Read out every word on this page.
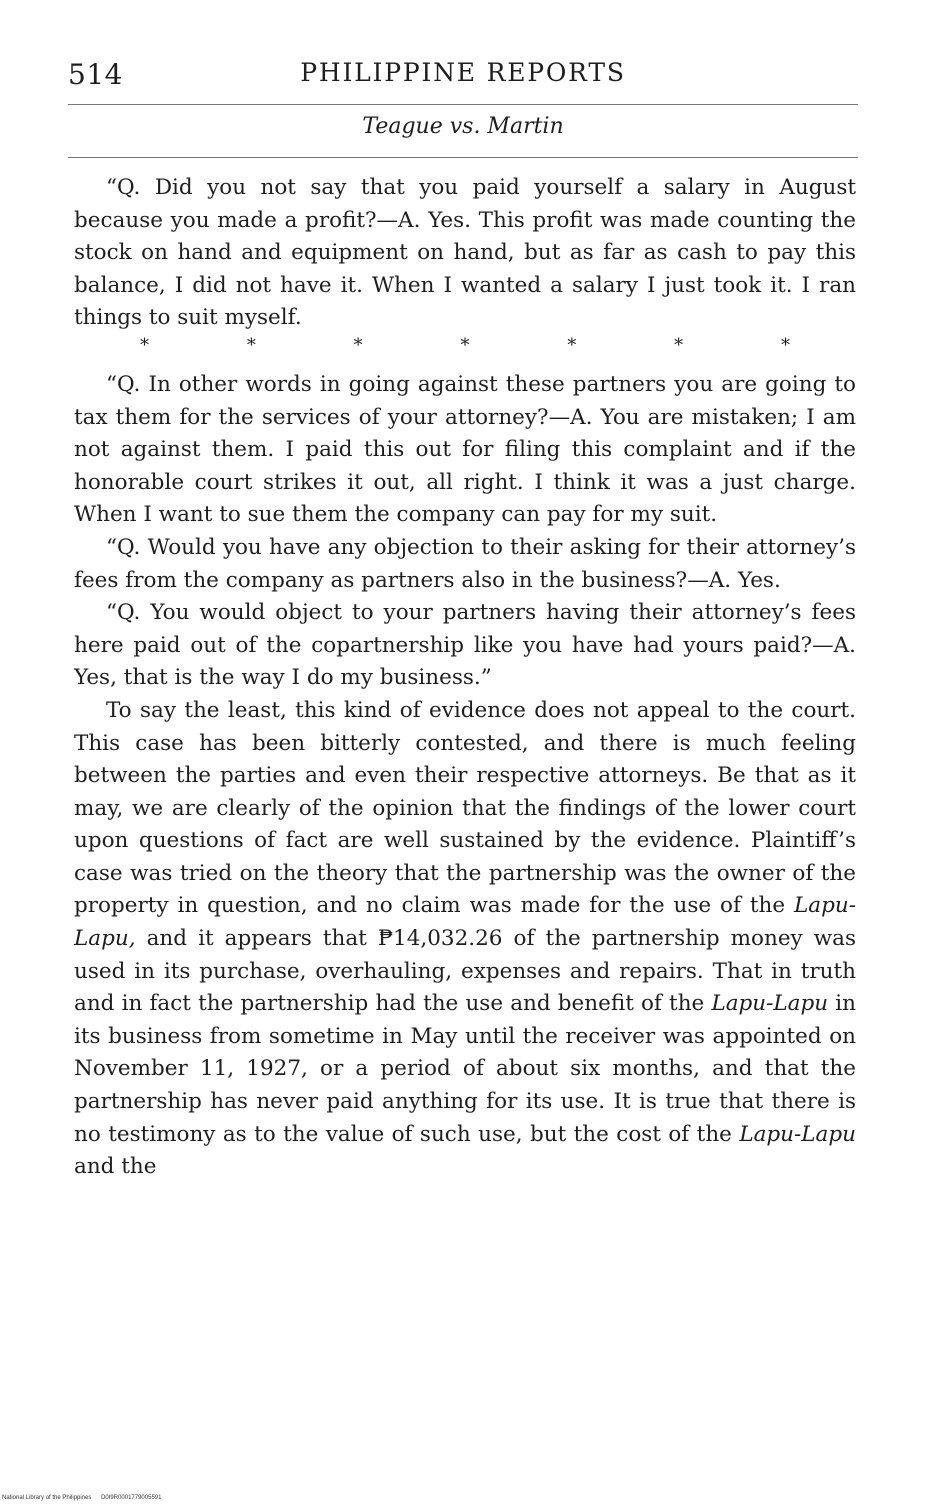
514	PHILIPPINE REPORTS
Teague vs. Martin

“Q. Did you not say that you paid yourself a salary in August because you made a profit?—A. Yes. This profit was made counting the stock on hand and equipment on hand, but as far as cash to pay this balance, I did not have it. When I wanted a salary I just took it. I ran things to suit myself.

*	*	*	*	*	*	*

“Q. In other words in going against these partners you are going to tax them for the services of your attorney?—A. You are mistaken; I am not against them. I paid this out for filing this complaint and if the honorable court strikes it out, all right. I think it was a just charge. When I want to sue them the company can pay for my suit.

“Q. Would you have any objection to their asking for their attorney’s fees from the company as partners also in the business?—A. Yes.

“Q. You would object to your partners having their attorney’s fees here paid out of the copartnership like you have had yours paid?—A. Yes, that is the way I do my business.”

To say the least, this kind of evidence does not appeal to the court. This case has been bitterly contested, and there is much feeling between the parties and even their respective attorneys. Be that as it may, we are clearly of the opinion that the findings of the lower court upon questions of fact are well sustained by the evidence. Plaintiff’s case was tried on the theory that the partnership was the owner of the property in question, and no claim was made for the use of the Lapu-Lapu, and it appears that ₱14,032.26 of the partnership money was used in its purchase, overhauling, expenses and repairs. That in truth and in fact the partnership had the use and benefit of the Lapu-Lapu in its business from sometime in May until the receiver was appointed on November 11, 1927, or a period of about six months, and that the partnership has never paid anything for its use. It is true that there is no testimony as to the value of such use, but the cost of the Lapu-Lapu and the

National Library of the Philippines D0I9R0001779005591
